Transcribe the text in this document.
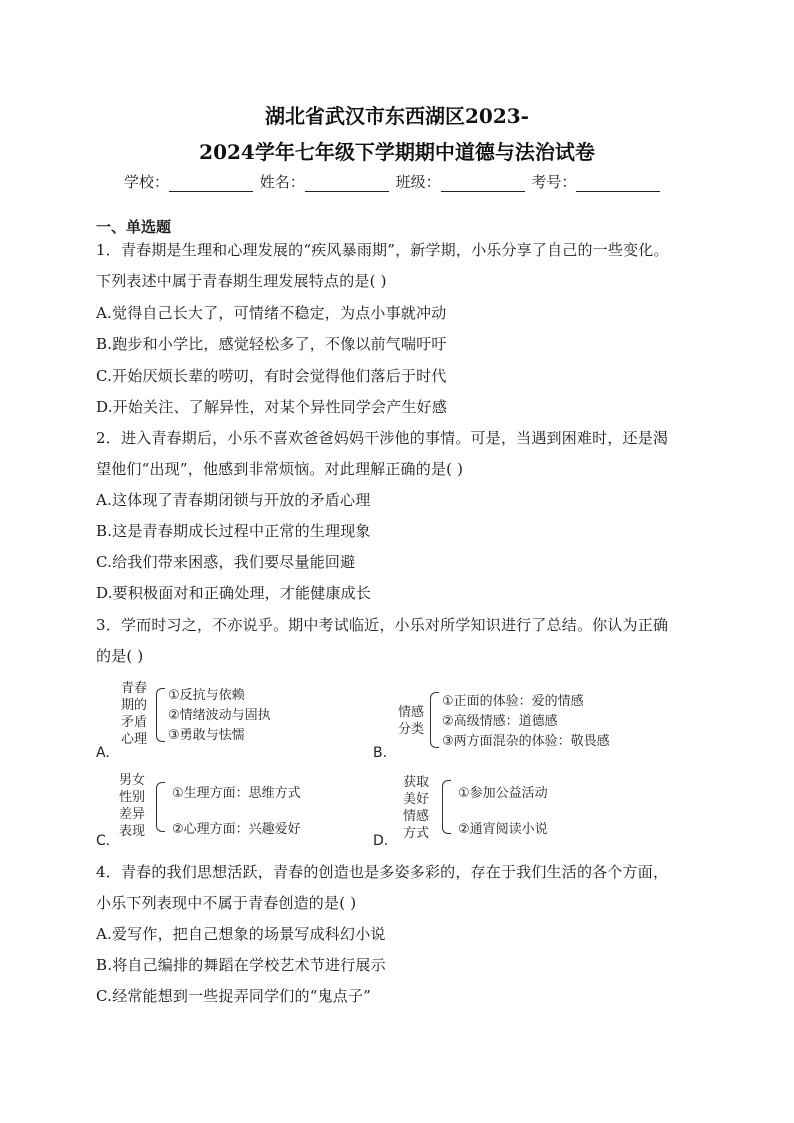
湖北省武汉市东西湖区2023-
2024学年七年级下学期期中道德与法治试卷
学校：	姓名：	班级：	考号：
一、单选题
1．青春期是生理和心理发展的“疾风暴雨期”，新学期，小乐分享了自己的一些变化。
下列表述中属于青春期生理发展特点的是( )
A.觉得自己长大了，可情绪不稳定，为点小事就冲动
B.跑步和小学比，感觉轻松多了，不像以前气喘吁吁
C.开始厌烦长辈的唠叨，有时会觉得他们落后于时代
D.开始关注、了解异性，对某个异性同学会产生好感
2．进入青春期后，小乐不喜欢爸爸妈妈干涉他的事情。可是，当遇到困难时，还是渴
望他们“出现”，他感到非常烦恼。对此理解正确的是( )
A.这体现了青春期闭锁与开放的矛盾心理
B.这是青春期成长过程中正常的生理现象
C.给我们带来困惑，我们要尽量能回避
D.要积极面对和正确处理，才能健康成长
3．学而时习之，不亦说乎。期中考试临近，小乐对所学知识进行了总结。你认为正确
的是( )
青春
期的
矛盾
心理
①反抗与依赖
②情绪波动与固执
③勇敢与怯懦
A.
情感
分类
①正面的体验：爱的情感
②高级情感：道德感
③两方面混杂的体验：敬畏感
B.
男女
性别
差异
表现
①生理方面：思维方式
②心理方面：兴趣爱好
C.
获取
美好
情感
方式
①参加公益活动
②通宵阅读小说
D.
4．青春的我们思想活跃，青春的创造也是多姿多彩的，存在于我们生活的各个方面，
小乐下列表现中不属于青春创造的是( )
A.爱写作，把自己想象的场景写成科幻小说
B.将自己编排的舞蹈在学校艺术节进行展示
C.经常能想到一些捉弄同学们的“鬼点子”
